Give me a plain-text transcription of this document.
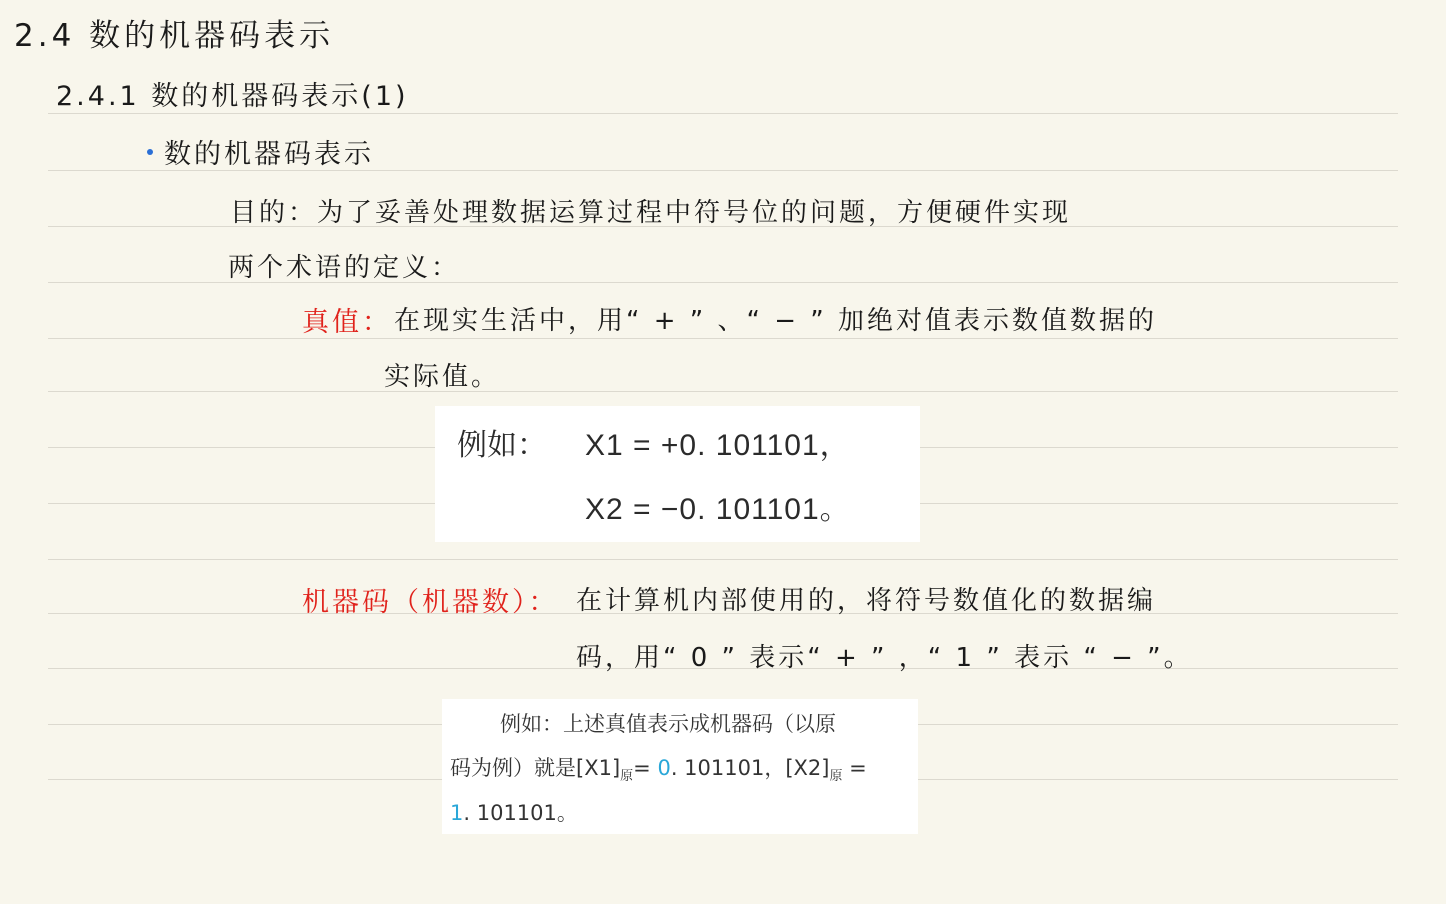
2.4 数的机器码表示
2.4.1 数的机器码表示(1)
数的机器码表示
目的：为了妥善处理数据运算过程中符号位的问题，方便硬件实现
两个术语的定义：
真值： 在现实生活中，用“ + ” 、“ − ” 加绝对值表示数值数据的
实际值。
例如： X1 = +0. 101101，
X2 = −0. 101101。
机器码（机器数）： 在计算机内部使用的，将符号数值化的数据编
码，用“ 0 ” 表示“ + ” ，“ 1 ” 表示 “ − ”。
例如：上述真值表示成机器码（以原
码为例）就是$[X1]_原= 0$. 101101，$[X2]_原$ =
1. 101101。
